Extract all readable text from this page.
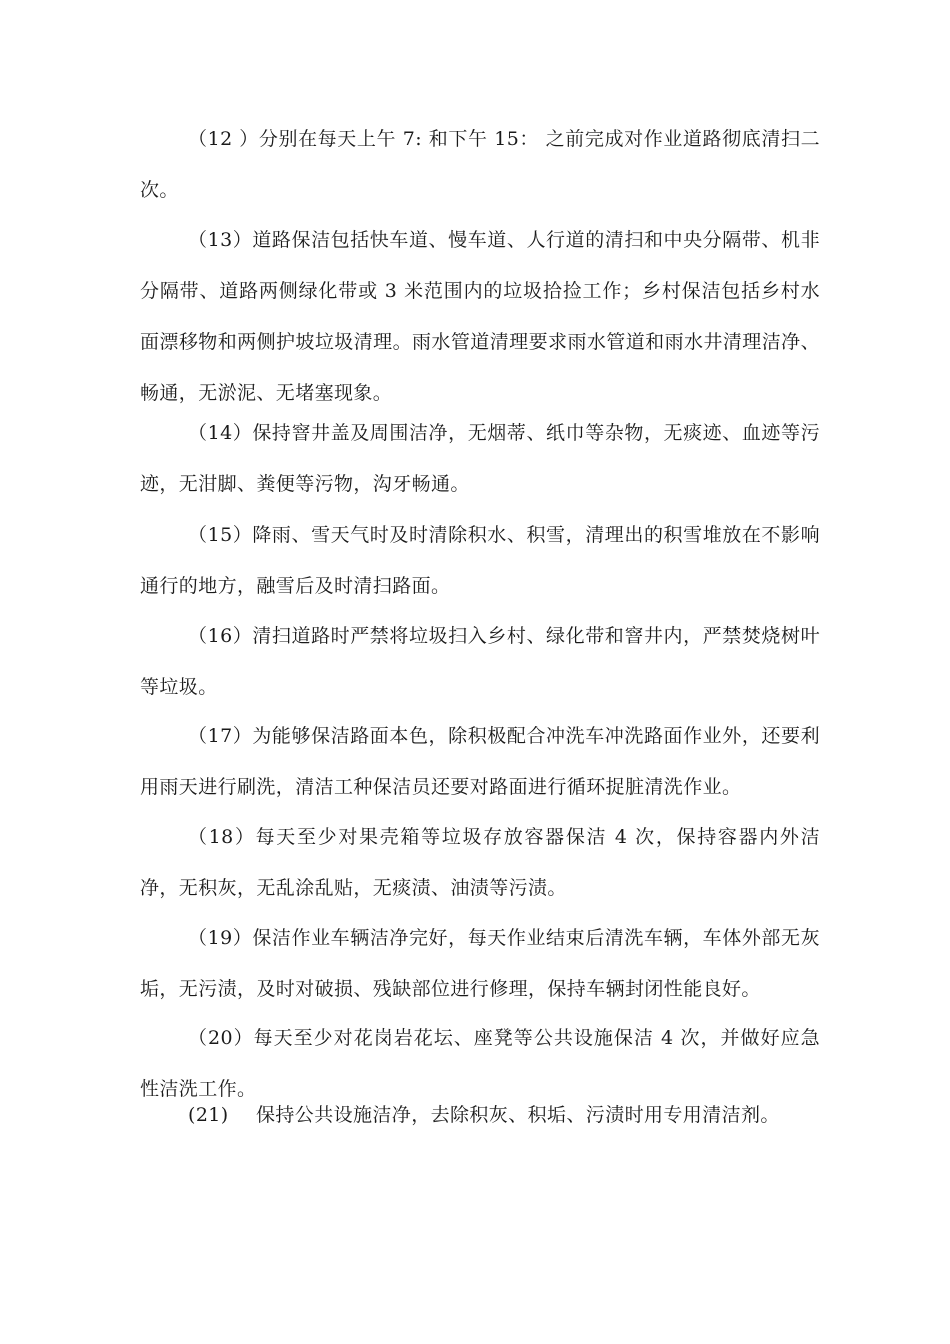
（12 ）分别在每天上午 7: 和下午 15： 之前完成对作业道路彻底清扫二次。

（13）道路保洁包括快车道、慢车道、人行道的清扫和中央分隔带、机非分隔带、道路两侧绿化带或 3 米范围内的垃圾拾捡工作；乡村保洁包括乡村水面漂移物和两侧护坡垃圾清理。雨水管道清理要求雨水管道和雨水井清理洁净、畅通，无淤泥、无堵塞现象。

（14）保持窨井盖及周围洁净，无烟蒂、纸巾等杂物，无痰迹、血迹等污迹，无泔脚、粪便等污物，沟牙畅通。

（15）降雨、雪天气时及时清除积水、积雪，清理出的积雪堆放在不影响通行的地方，融雪后及时清扫路面。

（16）清扫道路时严禁将垃圾扫入乡村、绿化带和窨井内，严禁焚烧树叶等垃圾。

（17）为能够保洁路面本色，除积极配合冲洗车冲洗路面作业外，还要利用雨天进行刷洗，清洁工种保洁员还要对路面进行循环捉脏清洗作业。

（18）每天至少对果壳箱等垃圾存放容器保洁 4 次，保持容器内外洁净，无积灰，无乱涂乱贴，无痰渍、油渍等污渍。

（19）保洁作业车辆洁净完好，每天作业结束后清洗车辆，车体外部无灰垢，无污渍，及时对破损、残缺部位进行修理，保持车辆封闭性能良好。

（20）每天至少对花岗岩花坛、座凳等公共设施保洁 4 次，并做好应急性洁洗工作。

(21) 保持公共设施洁净，去除积灰、积垢、污渍时用专用清洁剂。
